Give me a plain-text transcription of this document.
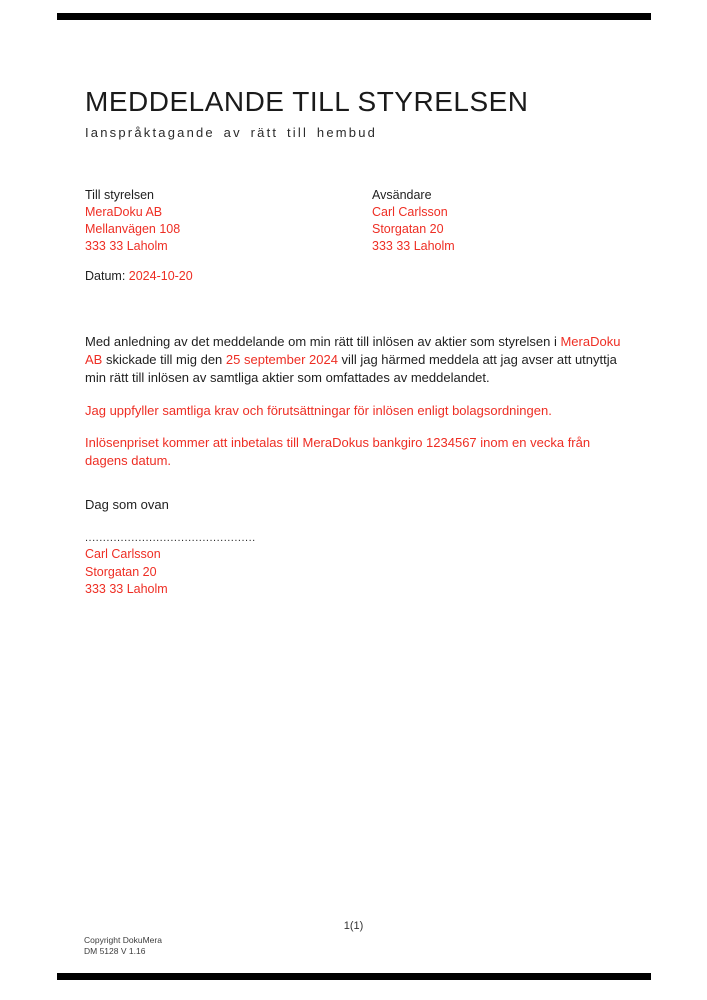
MEDDELANDE TILL STYRELSEN
Ianspråktagande av rätt till hembud
Till styrelsen
MeraDoku AB
Mellanvägen 108
333 33 Laholm
Avsändare
Carl Carlsson
Storgatan 20
333 33 Laholm
Datum: 2024-10-20

Med anledning av det meddelande om min rätt till inlösen av aktier som styrelsen i MeraDoku AB skickade till mig den 25 september 2024 vill jag härmed meddela att jag avser att utnyttja min rätt till inlösen av samtliga aktier som omfattades av meddelandet.

Jag uppfyller samtliga krav och förutsättningar för inlösen enligt bolagsordningen.

Inlösenpriset kommer att inbetalas till MeraDokus bankgiro 1234567 inom en vecka från dagens datum.

Dag som ovan

................................................
Carl Carlsson
Storgatan 20
333 33 Laholm
1(1)
Copyright DokuMera
DM 5128 V 1.16
